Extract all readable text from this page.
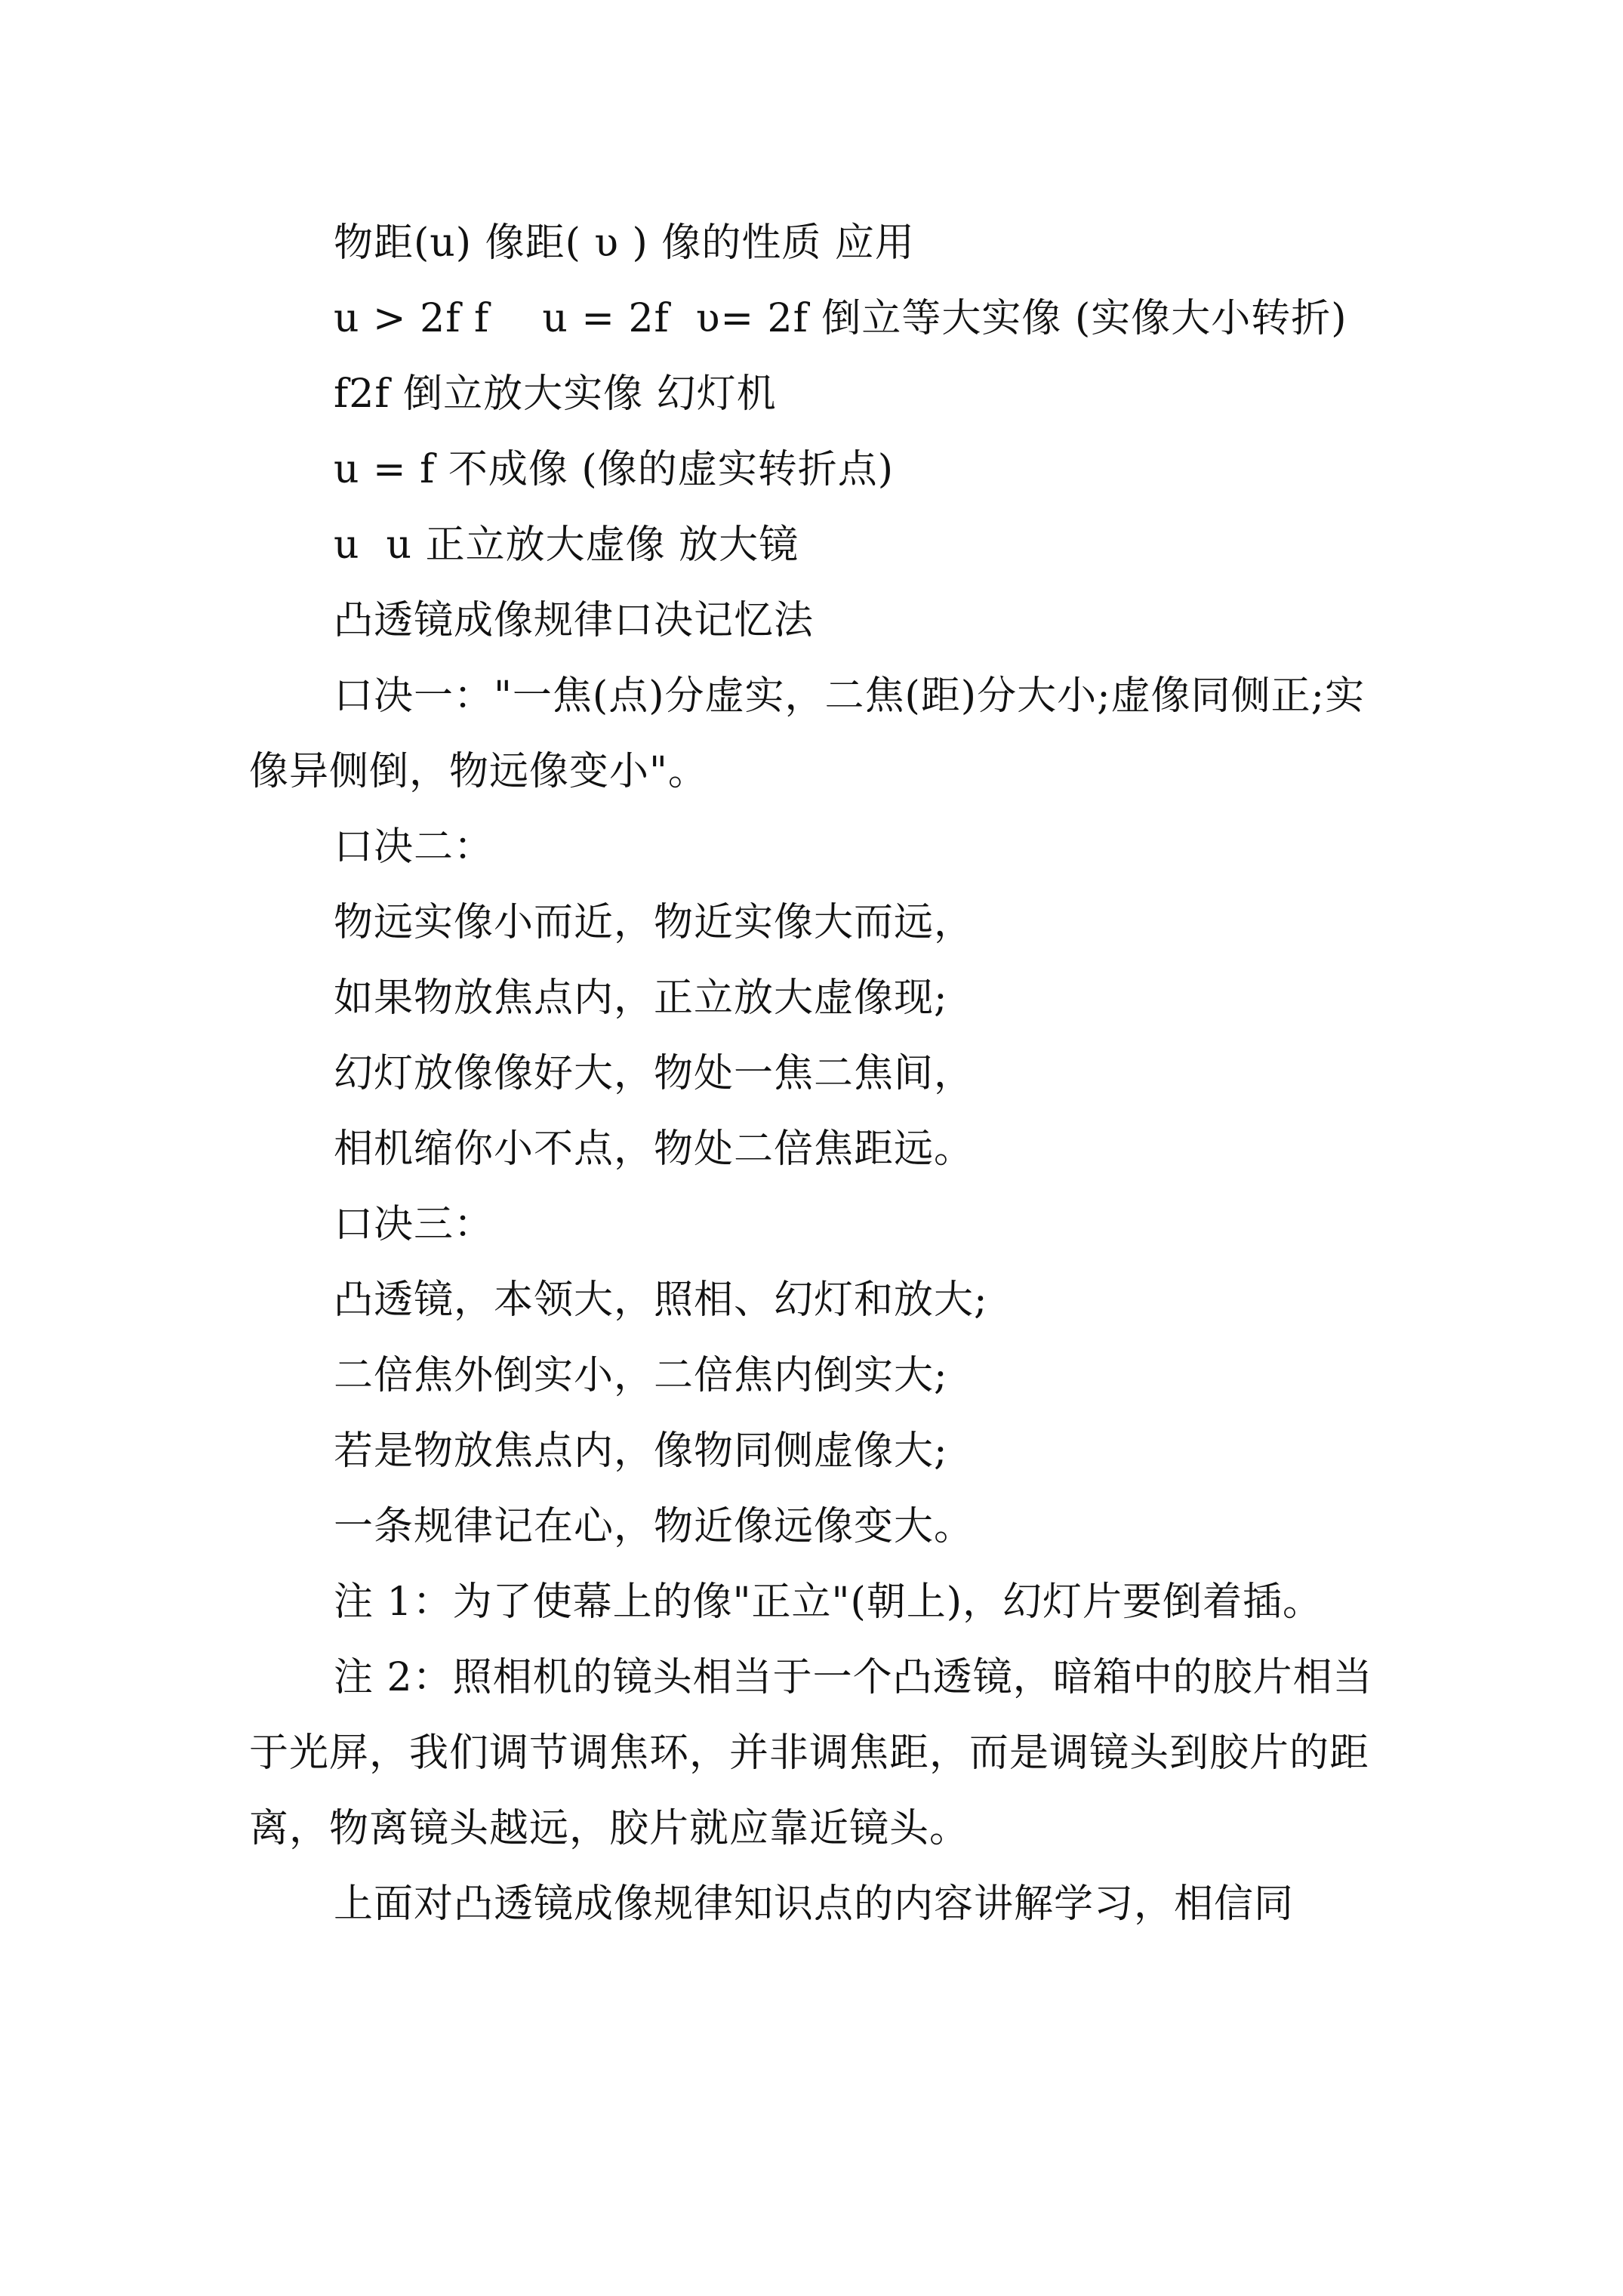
物距(u) 像距( υ ) 像的性质 应用

u > 2f f    u = 2f  υ= 2f 倒立等大实像 (实像大小转折)

f2f 倒立放大实像 幻灯机

u = f 不成像 (像的虚实转折点)

u  u 正立放大虚像 放大镜

凸透镜成像规律口决记忆法

口决一："一焦(点)分虚实，二焦(距)分大小;虚像同侧正;实像异侧倒，物远像变小"。

口决二：

物远实像小而近，物近实像大而远，

如果物放焦点内，正立放大虚像现;

幻灯放像像好大，物处一焦二焦间，

相机缩你小不点，物处二倍焦距远。

口决三：

凸透镜，本领大，照相、幻灯和放大;

二倍焦外倒实小，二倍焦内倒实大;

若是物放焦点内，像物同侧虚像大;

一条规律记在心，物近像远像变大。

注 1：为了使幕上的像"正立"(朝上)，幻灯片要倒着插。

注 2：照相机的镜头相当于一个凸透镜，暗箱中的胶片相当于光屏，我们调节调焦环，并非调焦距，而是调镜头到胶片的距离，物离镜头越远，胶片就应靠近镜头。

上面对凸透镜成像规律知识点的内容讲解学习，相信同
